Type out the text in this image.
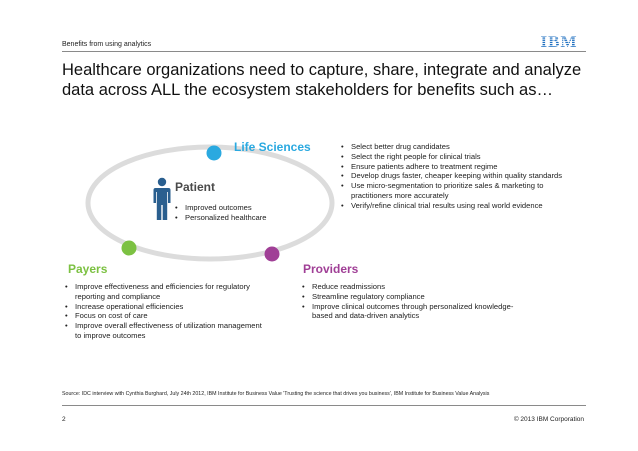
Benefits from using analytics	IBM
Healthcare organizations need to capture, share, integrate and analyze data across ALL the ecosystem stakeholders for benefits such as…
Life Sciences
•	Select better drug candidates
• Select the right people for clinical trials
• Ensure patients adhere to treatment regime
• Develop drugs faster, cheaper keeping within quality standards
• Use micro-segmentation to prioritize sales & marketing to practitioners more accurately
• Verify/refine clinical trial results using real world evidence
Patient
• Improved outcomes
• Personalized healthcare
Payers
• Improve effectiveness and efficiencies for regulatory reporting and compliance
• Increase operational efficiencies
• Focus on cost of care
• Improve overall effectiveness of utilization management to improve outcomes
Providers
• Reduce readmissions
• Streamline regulatory compliance
• Improve clinical outcomes through personalized knowledge-based and data-driven analytics
Source: IDC interview with Cynthia Burghard, July 24th 2012, IBM Institute for Business Value 'Trusting the science that drives you business', IBM Institute for Business Value Analysis
2	© 2013 IBM Corporation
